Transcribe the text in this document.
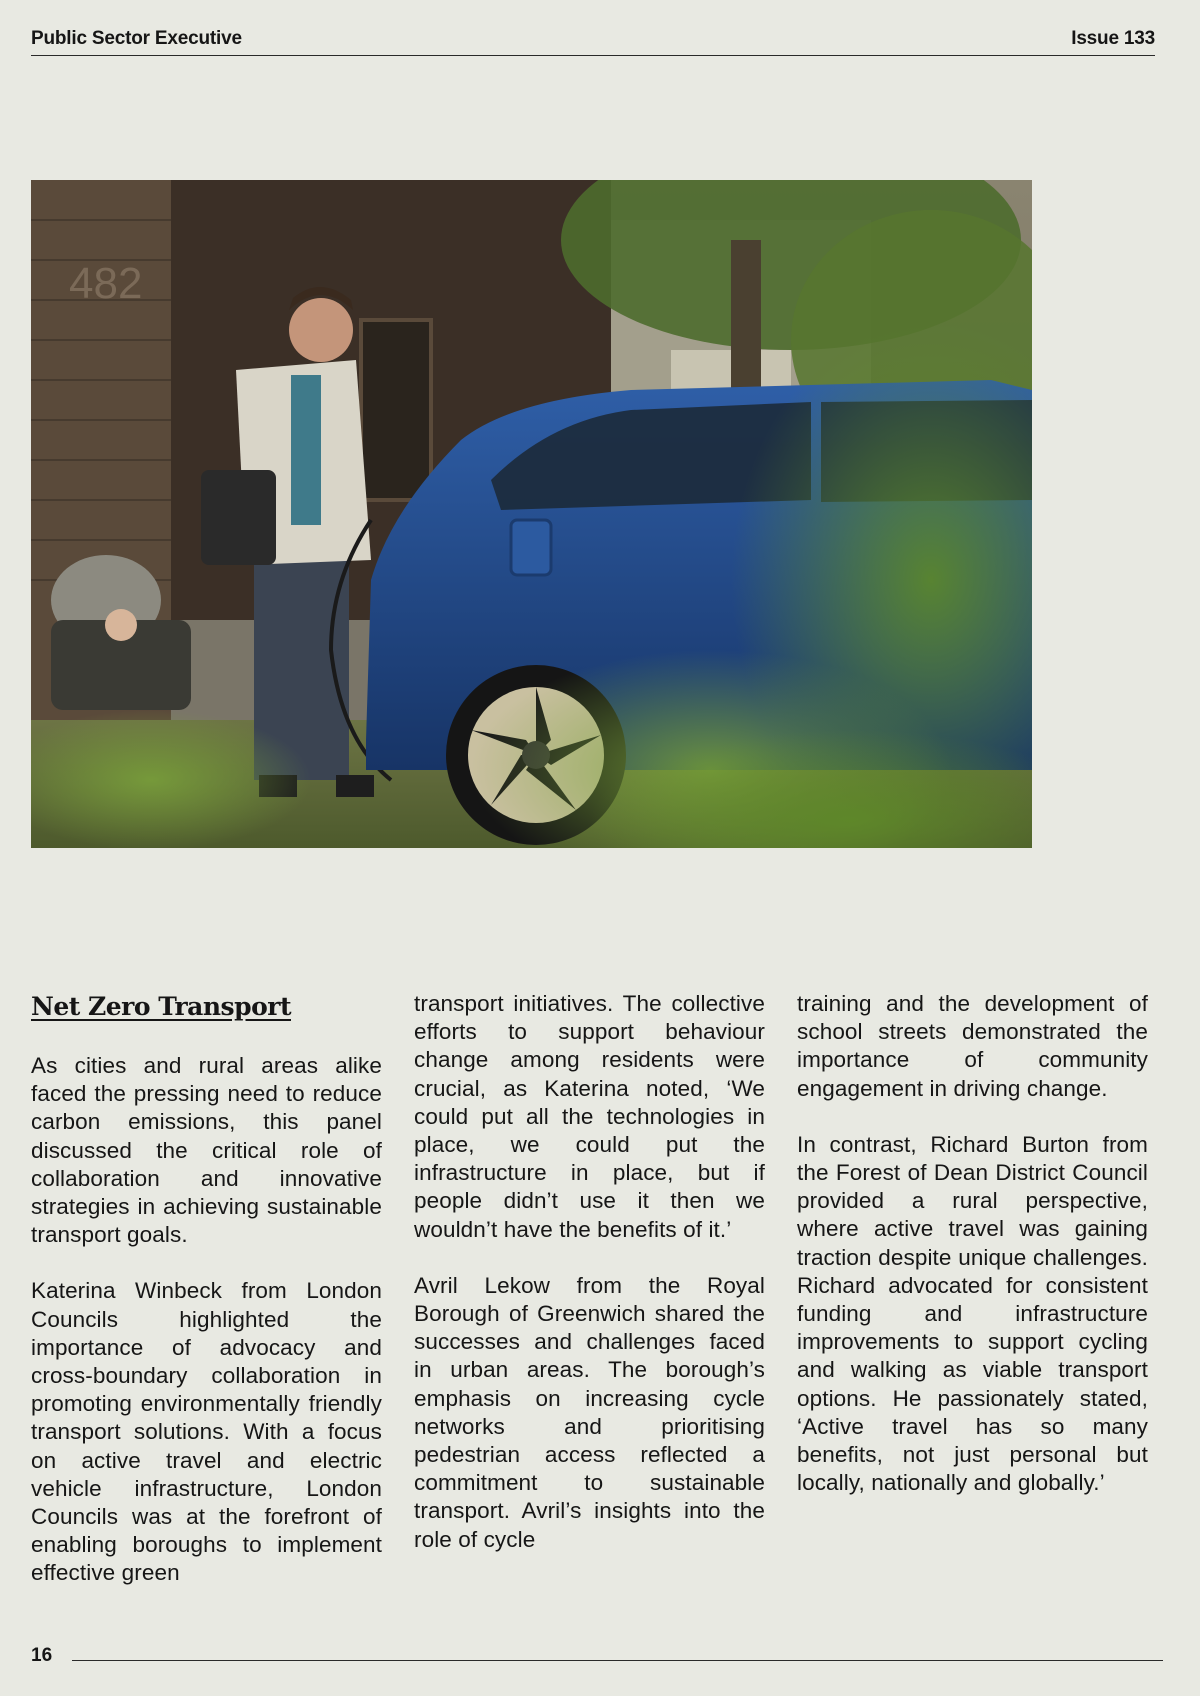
Public Sector Executive	Issue 133
482
Net Zero Transport

As cities and rural areas alike faced the pressing need to reduce carbon emissions, this panel discussed the critical role of collaboration and innovative strategies in achieving sustainable transport goals.

Katerina Winbeck from London Councils highlighted the importance of advocacy and cross-boundary collaboration in promoting environmentally friendly transport solutions. With a focus on active travel and electric vehicle infrastructure, London Councils was at the forefront of enabling boroughs to implement effective green

transport initiatives. The collective efforts to support behaviour change among residents were crucial, as Katerina noted, ‘We could put all the technologies in place, we could put the infrastructure in place, but if people didn’t use it then we wouldn’t have the benefits of it.’

Avril Lekow from the Royal Borough of Greenwich shared the successes and challenges faced in urban areas. The borough’s emphasis on increasing cycle networks and prioritising pedestrian access reflected a commitment to sustainable transport. Avril’s insights into the role of cycle

training and the development of school streets demonstrated the importance of community engagement in driving change.

In contrast, Richard Burton from the Forest of Dean District Council provided a rural perspective, where active travel was gaining traction despite unique challenges. Richard advocated for consistent funding and infrastructure improvements to support cycling and walking as viable transport options. He passionately stated, ‘Active travel has so many benefits, not just personal but locally, nationally and globally.’

16
